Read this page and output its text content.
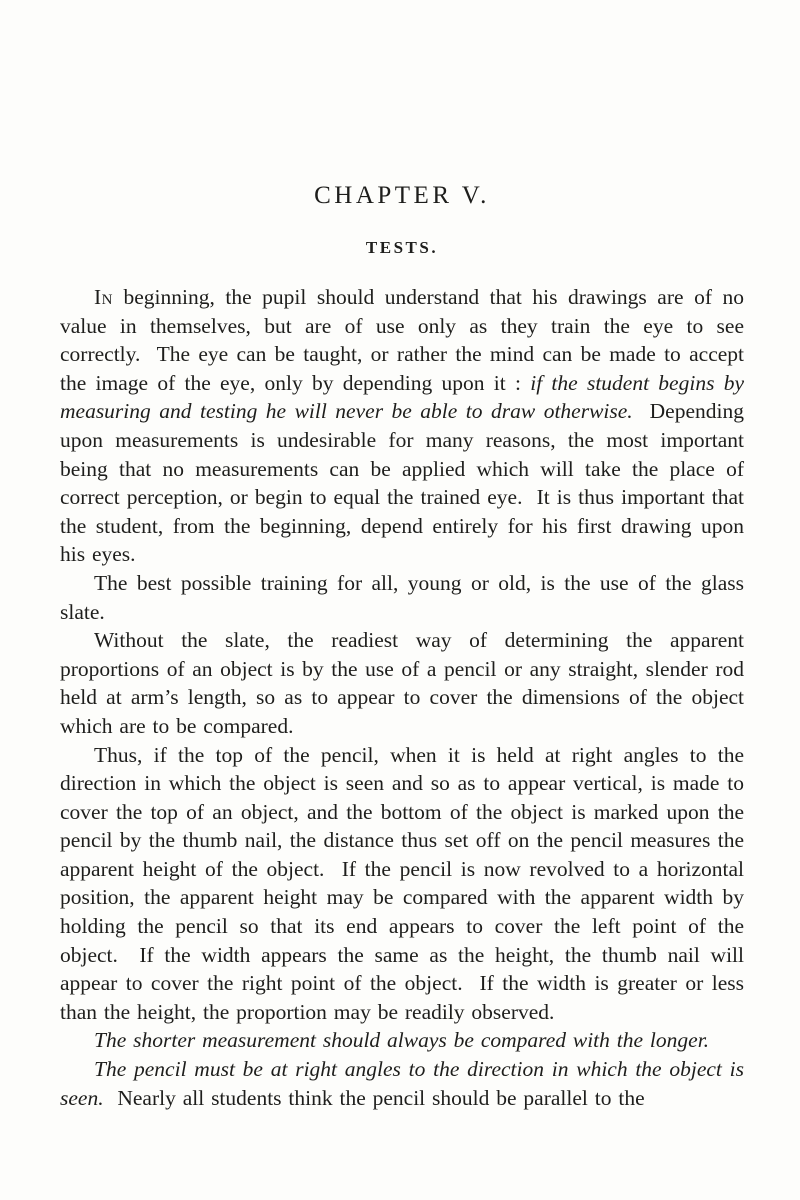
CHAPTER V.
TESTS.

In beginning, the pupil should understand that his drawings are of no value in themselves, but are of use only as they train the eye to see correctly.  The eye can be taught, or rather the mind can be made to accept the image of the eye, only by depending upon it : if the student begins by measuring and testing he will never be able to draw otherwise.  Depending upon measurements is undesirable for many reasons, the most important being that no measurements can be applied which will take the place of correct perception, or begin to equal the trained eye.  It is thus important that the student, from the beginning, depend entirely for his first drawing upon his eyes.

The best possible training for all, young or old, is the use of the glass slate.

Without the slate, the readiest way of determining the apparent proportions of an object is by the use of a pencil or any straight, slender rod held at arm’s length, so as to appear to cover the dimensions of the object which are to be compared.

Thus, if the top of the pencil, when it is held at right angles to the direction in which the object is seen and so as to appear vertical, is made to cover the top of an object, and the bottom of the object is marked upon the pencil by the thumb nail, the distance thus set off on the pencil measures the apparent height of the object.  If the pencil is now revolved to a horizontal position, the apparent height may be compared with the apparent width by holding the pencil so that its end appears to cover the left point of the object.  If the width appears the same as the height, the thumb nail will appear to cover the right point of the object.  If the width is greater or less than the height, the proportion may be readily observed.

The shorter measurement should always be compared with the longer.

The pencil must be at right angles to the direction in which the object is seen.  Nearly all students think the pencil should be parallel to the
